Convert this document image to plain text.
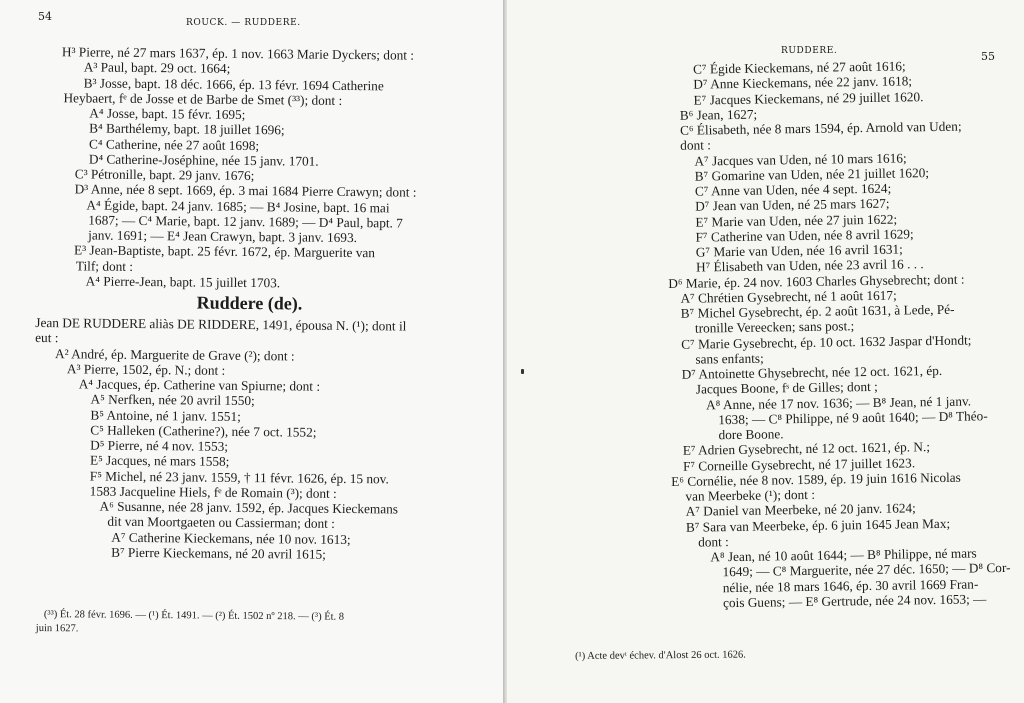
54	ROUCK. — RUDDERE.
H³ Pierre, né 27 mars 1637, ép. 1 nov. 1663 Marie Dyckers; dont :
A³ Paul, bapt. 29 oct. 1664;
B³ Josse, bapt. 18 déc. 1666, ép. 13 févr. 1694 Catherine
Heybaert, fᵉ de Josse et de Barbe de Smet (³³); dont :
A⁴ Josse, bapt. 15 févr. 1695;
B⁴ Barthélemy, bapt. 18 juillet 1696;
C⁴ Catherine, née 27 août 1698;
D⁴ Catherine-Joséphine, née 15 janv. 1701.
C³ Pétronille, bapt. 29 janv. 1676;
D³ Anne, née 8 sept. 1669, ép. 3 mai 1684 Pierre Crawyn; dont :
A⁴ Égide, bapt. 24 janv. 1685; — B⁴ Josine, bapt. 16 mai
1687; — C⁴ Marie, bapt. 12 janv. 1689; — D⁴ Paul, bapt. 7
janv. 1691; — E⁴ Jean Crawyn, bapt. 3 janv. 1693.
E³ Jean-Baptiste, bapt. 25 févr. 1672, ép. Marguerite van
Tilf; dont :
A⁴ Pierre-Jean, bapt. 15 juillet 1703.
Ruddere (de).
Jean DE RUDDERE aliàs DE RIDDERE, 1491, épousa N. (¹); dont il
eut :
A² André, ép. Marguerite de Grave (²); dont :
A³ Pierre, 1502, ép. N.; dont :
A⁴ Jacques, ép. Catherine van Spiurne; dont :
A⁵ Nerfken, née 20 avril 1550;
B⁵ Antoine, né 1 janv. 1551;
C⁵ Halleken (Catherine?), née 7 oct. 1552;
D⁵ Pierre, né 4 nov. 1553;
E⁵ Jacques, né mars 1558;
F⁵ Michel, né 23 janv. 1559, † 11 févr. 1626, ép. 15 nov.
1583 Jacqueline Hiels, fᵉ de Romain (³); dont :
A⁶ Susanne, née 28 janv. 1592, ép. Jacques Kieckemans
dit van Moortgaeten ou Cassierman; dont :
A⁷ Catherine Kieckemans, née 10 nov. 1613;
B⁷ Pierre Kieckemans, né 20 avril 1615;
(³³) Ét. 28 févr. 1696. — (¹) Ét. 1491. — (²) Ét. 1502 nº 218. — (³) Ét. 8
juin 1627.
RUDDERE.	55
C⁷ Égide Kieckemans, né 27 août 1616;
D⁷ Anne Kieckemans, née 22 janv. 1618;
E⁷ Jacques Kieckemans, né 29 juillet 1620.
B⁶ Jean, 1627;
C⁶ Élisabeth, née 8 mars 1594, ép. Arnold van Uden;
dont :
A⁷ Jacques van Uden, né 10 mars 1616;
B⁷ Gomarine van Uden, née 21 juillet 1620;
C⁷ Anne van Uden, née 4 sept. 1624;
D⁷ Jean van Uden, né 25 mars 1627;
E⁷ Marie van Uden, née 27 juin 1622;
F⁷ Catherine van Uden, née 8 avril 1629;
G⁷ Marie van Uden, née 16 avril 1631;
H⁷ Élisabeth van Uden, née 23 avril 16 . . .
D⁶ Marie, ép. 24 nov. 1603 Charles Ghysebrecht; dont :
A⁷ Chrétien Gysebrecht, né 1 août 1617;
B⁷ Michel Gysebrecht, ép. 2 août 1631, à Lede, Pé-
tronille Vereecken; sans post.;
C⁷ Marie Gysebrecht, ép. 10 oct. 1632 Jaspar d'Hondt;
sans enfants;
D⁷ Antoinette Ghysebrecht, née 12 oct. 1621, ép.
Jacques Boone, fˢ de Gilles; dont ;
A⁸ Anne, née 17 nov. 1636; — B⁸ Jean, né 1 janv.
1638; — C⁸ Philippe, né 9 août 1640; — D⁸ Théo-
dore Boone.
E⁷ Adrien Gysebrecht, né 12 oct. 1621, ép. N.;
F⁷ Corneille Gysebrecht, né 17 juillet 1623.
E⁶ Cornélie, née 8 nov. 1589, ép. 19 juin 1616 Nicolas
van Meerbeke (¹); dont :
A⁷ Daniel van Meerbeke, né 20 janv. 1624;
B⁷ Sara van Meerbeke, ép. 6 juin 1645 Jean Max;
dont :
A⁸ Jean, né 10 août 1644; — B⁸ Philippe, né mars
1649; — C⁸ Marguerite, née 27 déc. 1650; — D⁸ Cor-
nélie, née 18 mars 1646, ép. 30 avril 1669 Fran-
çois Guens; — E⁸ Gertrude, née 24 nov. 1653; —
(¹) Acte devᵗ échev. d'Alost 26 oct. 1626.
